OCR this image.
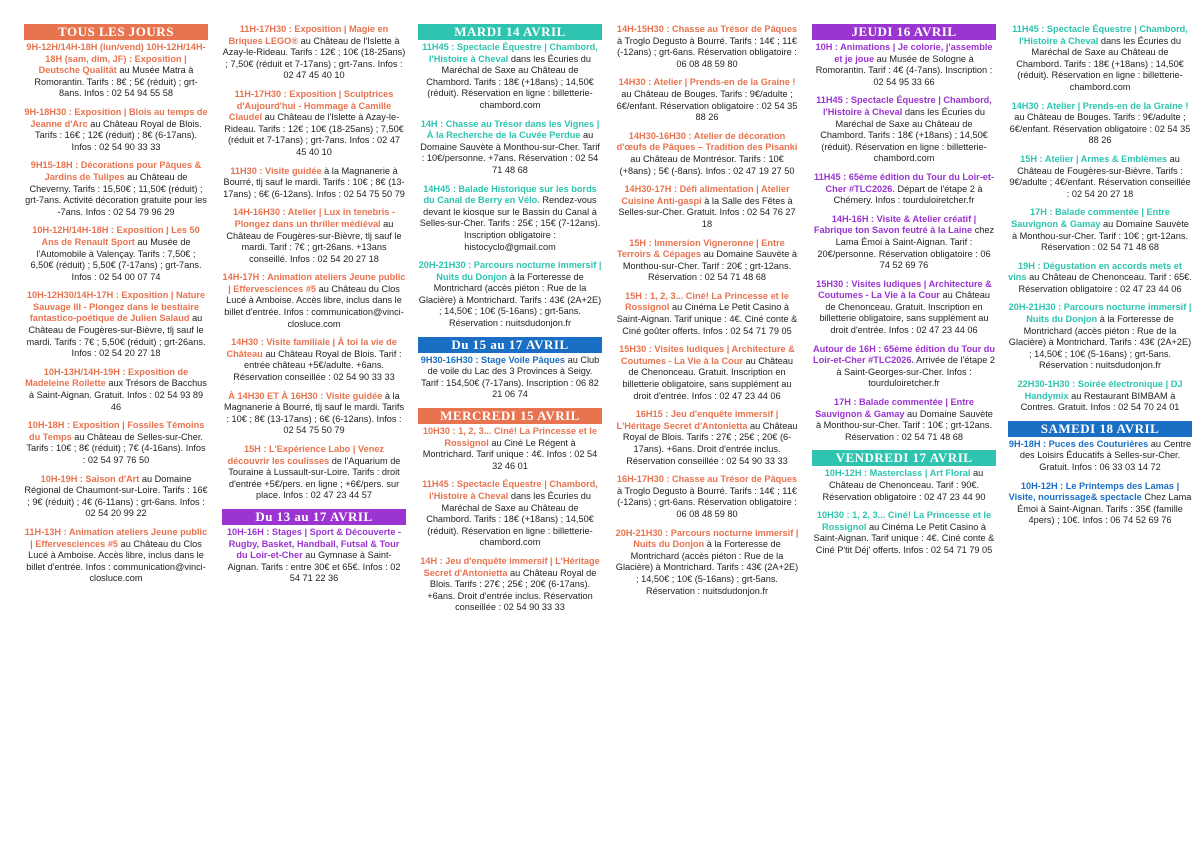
TOUS LES JOURS
9H-12H/14H-18H (lun/vend) 10H-12H/14H-18H (sam, dim, JF) : Exposition | Deutsche Qualität au Musée Matra à Romorantin. Tarifs : 8€ ; 5€ (réduit) ; grt-8ans. Infos : 02 54 94 55 58
9H-18H30 : Exposition | Blois au temps de Jeanne d'Arc au Château Royal de Blois. Tarifs : 16€ ; 12€ (réduit) ; 8€ (6-17ans). Infos : 02 54 90 33 33
9H15-18H : Décorations pour Pâques & Jardins de Tulipes au Château de Cheverny. Tarifs : 15,50€ ; 11,50€ (réduit) ; grt-7ans. Activité décoration gratuite pour les -7ans. Infos : 02 54 79 96 29
10H-12H/14H-18H : Exposition | Les 50 Ans de Renault Sport au Musée de l'Automobile à Valençay. Tarifs : 7,50€ ; 6,50€ (réduit) ; 5,50€ (7-17ans) ; grt-7ans. Infos : 02 54 00 07 74
10H-12H30/14H-17H : Exposition | Nature Sauvage III - Plongez dans le bestiaire fantastico-poétique de Julien Salaud au Château de Fougères-sur-Bièvre, tlj sauf le mardi. Tarifs : 7€ ; 5,50€ (réduit) ; grt-26ans. Infos : 02 54 20 27 18
10H-13H/14H-19H : Exposition de Madeleine Roilette aux Trésors de Bacchus à Saint-Aignan. Gratuit. Infos : 02 54 93 89 46
10H-18H : Exposition | Fossiles Témoins du Temps au Château de Selles-sur-Cher. Tarifs : 10€ ; 8€ (réduit) ; 7€ (4-16ans). Infos : 02 54 97 76 50
10H-19H : Saison d'Art au Domaine Régional de Chaumont-sur-Loire. Tarifs : 16€ ; 9€ (réduit) ; 4€ (6-11ans) ; grt-6ans. Infos : 02 54 20 99 22
11H-13H : Animation ateliers Jeune public | Effervesciences #5 au Château du Clos Lucé à Amboise. Accès libre, inclus dans le billet d'entrée. Infos : communication@vinci-closluce.com
11H-17H30 : Exposition | Magie en Briques LEGO® au Château de l'Islette à Azay-le-Rideau. Tarifs : 12€ ; 10€ (18-25ans) ; 7,50€ (réduit et 7-17ans) ; grt-7ans. Infos : 02 47 45 40 10
11H-17H30 : Exposition | Sculptrices d'Aujourd'hui - Hommage à Camille Claudel au Château de l'Islette à Azay-le-Rideau. Tarifs : 12€ ; 10€ (18-25ans) ; 7,50€ (réduit et 7-17ans) ; grt-7ans. Infos : 02 47 45 40 10
11H30 : Visite guidée à la Magnanerie à Bourré, tlj sauf le mardi. Tarifs : 10€ ; 8€ (13-17ans) ; 6€ (6-12ans). Infos : 02 54 75 50 79
14H-16H30 : Atelier | Lux in tenebris - Plongez dans un thriller médiéval au Château de Fougères-sur-Bièvre, tlj sauf le mardi. Tarif : 7€ ; grt-26ans. +13ans conseillé. Infos : 02 54 20 27 18
14H-17H : Animation ateliers Jeune public | Effervesciences #5 au Château du Clos Lucé à Amboise. Accès libre, inclus dans le billet d'entrée. Infos : communication@vinci-closluce.com
14H30 : Visite familiale | À toi la vie de Château au Château Royal de Blois. Tarif : entrée château +5€/adulte. +6ans. Réservation conseillée : 02 54 90 33 33
À 14H30 ET À 16H30 : Visite guidée à la Magnanerie à Bourré, tlj sauf le mardi. Tarifs : 10€ ; 8€ (13-17ans) ; 6€ (6-12ans). Infos : 02 54 75 50 79
15H : L'Expérience Labo | Venez découvrir les coulisses de l'Aquarium de Touraine à Lussault-sur-Loire. Tarifs : droit d'entrée +5€/pers. en ligne ; +6€/pers. sur place. Infos : 02 47 23 44 57
Du 13 au 17 AVRIL
10H-16H : Stages | Sport & Découverte - Rugby, Basket, Handball, Futsal & Tour du Loir-et-Cher au Gymnase à Saint-Aignan. Tarifs : entre 30€ et 65€. Infos : 02 54 71 22 36
MARDI 14 AVRIL
11H45 : Spectacle Équestre | Chambord, l'Histoire à Cheval dans les Écuries du Maréchal de Saxe au Château de Chambord. Tarifs : 18€ (+18ans) ; 14,50€ (réduit). Réservation en ligne : billetterie-chambord.com
14H : Chasse au Trésor dans les Vignes | À la Recherche de la Cuvée Perdue au Domaine Sauvète à Monthou-sur-Cher. Tarif : 10€/personne. +7ans. Réservation : 02 54 71 48 68
14H45 : Balade Historique sur les bords du Canal de Berry en Vélo. Rendez-vous devant le kiosque sur le Bassin du Canal à Selles-sur-Cher. Tarifs : 25€ ; 15€ (7-12ans). Inscription obligatoire : histocyclo@gmail.com
20H-21H30 : Parcours nocturne immersif | Nuits du Donjon à la Forteresse de Montrichard (accès piéton : Rue de la Glacière) à Montrichard. Tarifs : 43€ (2A+2E) ; 14,50€ ; 10€ (5-16ans) ; grt-5ans. Réservation : nuitsdudonjon.fr
Du 15 au 17 AVRIL
9H30-16H30 : Stage Voile Pâques au Club de voile du Lac des 3 Provinces à Seigy. Tarif : 154,50€ (7-17ans). Inscription : 06 82 21 06 74
MERCREDI 15 AVRIL
10H30 : 1, 2, 3... Ciné! La Princesse et le Rossignol au Ciné Le Régent à Montrichard. Tarif unique : 4€. Infos : 02 54 32 46 01
11H45 : Spectacle Équestre | Chambord, l'Histoire à Cheval dans les Écuries du Maréchal de Saxe au Château de Chambord. Tarifs : 18€ (+18ans) ; 14,50€ (réduit). Réservation en ligne : billetterie-chambord.com
14H : Jeu d'enquête immersif | L'Héritage Secret d'Antonietta au Château Royal de Blois. Tarifs : 27€ ; 25€ ; 20€ (6-17ans). +6ans. Droit d'entrée inclus. Réservation conseillée : 02 54 90 33 33
14H-15H30 : Chasse au Trésor de Pâques à Troglo Degusto à Bourré. Tarifs : 14€ ; 11€ (-12ans) ; grt-6ans. Réservation obligatoire : 06 08 48 59 80
14H30 : Atelier | Prends-en de la Graine ! au Château de Bouges. Tarifs : 9€/adulte ; 6€/enfant. Réservation obligatoire : 02 54 35 88 26
14H30-16H30 : Atelier de décoration d'œufs de Pâques – Tradition des Pisanki au Château de Montrésor. Tarifs : 10€ (+8ans) ; 5€ (-8ans). Infos : 02 47 19 27 50
14H30-17H : Défi alimentation | Atelier Cuisine Anti-gaspi à la Salle des Fêtes à Selles-sur-Cher. Gratuit. Infos : 02 54 76 27 18
15H : Immersion Vigneronne | Entre Terroirs & Cépages au Domaine Sauvète à Monthou-sur-Cher. Tarif : 20€ ; grt-12ans. Réservation : 02 54 71 48 68
15H : 1, 2, 3... Ciné! La Princesse et le Rossignol au Cinéma Le Petit Casino à Saint-Aignan. Tarif unique : 4€. Ciné conte & Ciné goûter offerts. Infos : 02 54 71 79 05
15H30 : Visites ludiques | Architecture & Coutumes - La Vie à la Cour au Château de Chenonceau. Gratuit. Inscription en billetterie obligatoire, sans supplément au droit d'entrée. Infos : 02 47 23 44 06
16H15 : Jeu d'enquête immersif | L'Héritage Secret d'Antonietta au Château Royal de Blois. Tarifs : 27€ ; 25€ ; 20€ (6-17ans). +6ans. Droit d'entrée inclus. Réservation conseillée : 02 54 90 33 33
16H-17H30 : Chasse au Trésor de Pâques à Troglo Degusto à Bourré. Tarifs : 14€ ; 11€ (-12ans) ; grt-6ans. Réservation obligatoire : 06 08 48 59 80
20H-21H30 : Parcours nocturne immersif | Nuits du Donjon à la Forteresse de Montrichard (accès piéton : Rue de la Glacière) à Montrichard. Tarifs : 43€ (2A+2E) ; 14,50€ ; 10€ (5-16ans) ; grt-5ans. Réservation : nuitsdudonjon.fr
JEUDI 16 AVRIL
10H : Animations | Je colorie, j'assemble et je joue au Musée de Sologne à Romorantin. Tarif : 4€ (4-7ans). Inscription : 02 54 95 33 66
11H45 : Spectacle Équestre | Chambord, l'Histoire à Cheval dans les Écuries du Maréchal de Saxe au Château de Chambord. Tarifs : 18€ (+18ans) ; 14,50€ (réduit). Réservation en ligne : billetterie-chambord.com
11H45 : 65ème édition du Tour du Loir-et-Cher #TLC2026. Départ de l'étape 2 à Chémery. Infos : tourduloiretcher.fr
14H-16H : Visite & Atelier créatif | Fabrique ton Savon feutré à la Laine chez Lama Émoi à Saint-Aignan. Tarif : 20€/personne. Réservation obligatoire : 06 74 52 69 76
15H30 : Visites ludiques | Architecture & Coutumes - La Vie à la Cour au Château de Chenonceau. Gratuit. Inscription en billetterie obligatoire, sans supplément au droit d'entrée. Infos : 02 47 23 44 06
Autour de 16H : 65ème édition du Tour du Loir-et-Cher #TLC2026. Arrivée de l'étape 2 à Saint-Georges-sur-Cher. Infos : tourduloiretcher.fr
17H : Balade commentée | Entre Sauvignon & Gamay au Domaine Sauvète à Monthou-sur-Cher. Tarif : 10€ ; grt-12ans. Réservation : 02 54 71 48 68
VENDREDI 17 AVRIL
10H-12H : Masterclass | Art Floral au Château de Chenonceau. Tarif : 90€. Réservation obligatoire : 02 47 23 44 90
10H30 : 1, 2, 3... Ciné! La Princesse et le Rossignol au Cinéma Le Petit Casino à Saint-Aignan. Tarif unique : 4€. Ciné conte & Ciné P'tit Déj' offerts. Infos : 02 54 71 79 05
11H45 : Spectacle Équestre | Chambord, l'Histoire à Cheval dans les Écuries du Maréchal de Saxe au Château de Chambord. Tarifs : 18€ (+18ans) ; 14,50€ (réduit). Réservation en ligne : billetterie-chambord.com
14H30 : Atelier | Prends-en de la Graine ! au Château de Bouges. Tarifs : 9€/adulte ; 6€/enfant. Réservation obligatoire : 02 54 35 88 26
15H : Atelier | Armes & Emblèmes au Château de Fougères-sur-Bièvre. Tarifs : 9€/adulte ; 4€/enfant. Réservation conseillée : 02 54 20 27 18
17H : Balade commentée | Entre Sauvignon & Gamay au Domaine Sauvète à Monthou-sur-Cher. Tarif : 10€ ; grt-12ans. Réservation : 02 54 71 48 68
19H : Dégustation en accords mets et vins au Château de Chenonceau. Tarif : 65€. Réservation obligatoire : 02 47 23 44 06
20H-21H30 : Parcours nocturne immersif | Nuits du Donjon à la Forteresse de Montrichard (accès piéton : Rue de la Glacière) à Montrichard. Tarifs : 43€ (2A+2E) ; 14,50€ ; 10€ (5-16ans) ; grt-5ans. Réservation : nuitsdudonjon.fr
22H30-1H30 : Soirée électronique | DJ Handymix au Restaurant BIMBAM à Contres. Gratuit. Infos : 02 54 70 24 01
SAMEDI 18 AVRIL
9H-18H : Puces des Couturières au Centre des Loisirs Éducatifs à Selles-sur-Cher. Gratuit. Infos : 06 33 03 14 72
10H-12H : Le Printemps des Lamas | Visite, nourrissage& spectacle Chez Lama Émoi à Saint-Aignan. Tarifs : 35€ (famille 4pers) ; 10€. Infos : 06 74 52 69 76
